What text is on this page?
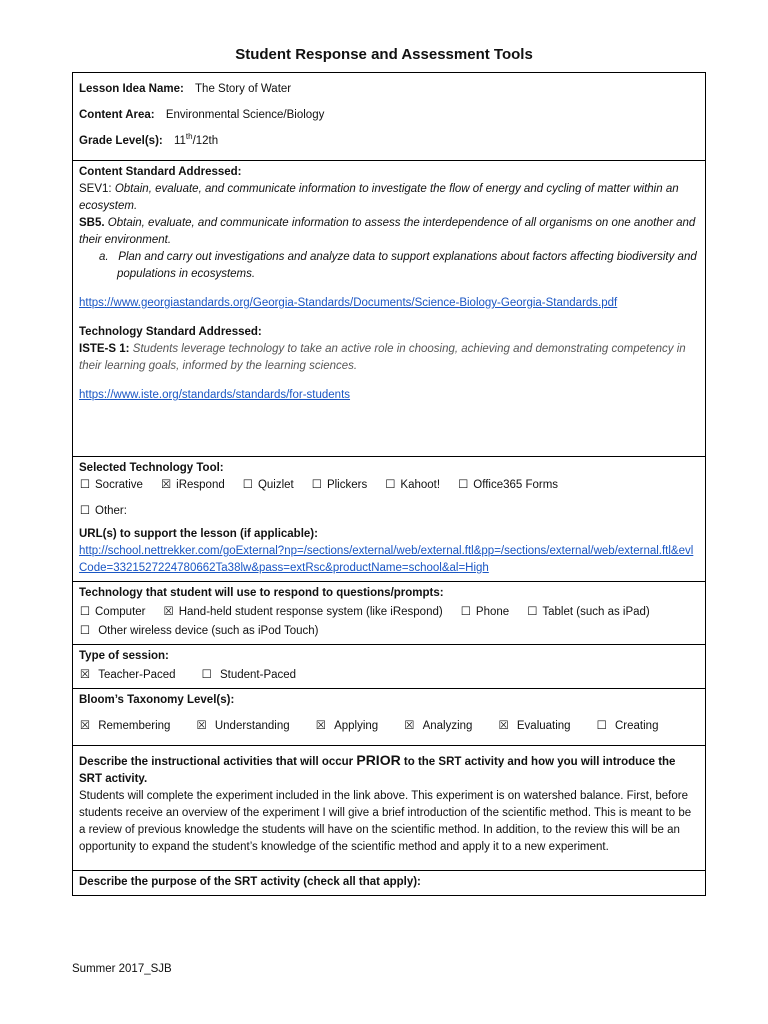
Student Response and Assessment Tools
Lesson Idea Name: The Story of Water
Content Area: Environmental Science/Biology
Grade Level(s): 11th/12th

Content Standard Addressed:
SEV1: Obtain, evaluate, and communicate information to investigate the flow of energy and cycling of matter within an ecosystem.
SB5. Obtain, evaluate, and communicate information to assess the interdependence of all organisms on one another and their environment.
a. Plan and carry out investigations and analyze data to support explanations about factors affecting biodiversity and populations in ecosystems.
https://www.georgiastandards.org/Georgia-Standards/Documents/Science-Biology-Georgia-Standards.pdf
Technology Standard Addressed:
ISTE-S 1: Students leverage technology to take an active role in choosing, achieving and demonstrating competency in their learning goals, informed by the learning sciences.
https://www.iste.org/standards/standards/for-students

Selected Technology Tool:
☐ Socrative ☒ iRespond ☐ Quizlet ☐ Plickers ☐ Kahoot! ☐ Office365 Forms
☐ Other:
URL(s) to support the lesson (if applicable):
http://school.nettrekker.com/goExternal?np=/sections/external/web/external.ftl&pp=/sections/external/web/external.ftl&evlCode=3321527224780662Ta38lw&pass=extRsc&productName=school&al=High

Technology that student will use to respond to questions/prompts:
☐ Computer ☒ Hand-held student response system (like iRespond) ☐ Phone ☐ Tablet (such as iPad)
☐ Other wireless device (such as iPod Touch)

Type of session:
☒ Teacher-Paced ☐ Student-Paced

Bloom’s Taxonomy Level(s):
☒ Remembering ☒ Understanding ☒ Applying ☒ Analyzing ☒ Evaluating ☐ Creating

Describe the instructional activities that will occur PRIOR to the SRT activity and how you will introduce the SRT activity.
Students will complete the experiment included in the link above. This experiment is on watershed balance. First, before students receive an overview of the experiment I will give a brief introduction of the scientific method. This is meant to be a review of previous knowledge the students will have on the scientific method. In addition, to the review this will be an opportunity to expand the student’s knowledge of the scientific method and apply it to a new experiment.

Describe the purpose of the SRT activity (check all that apply):
Summer 2017_SJB
